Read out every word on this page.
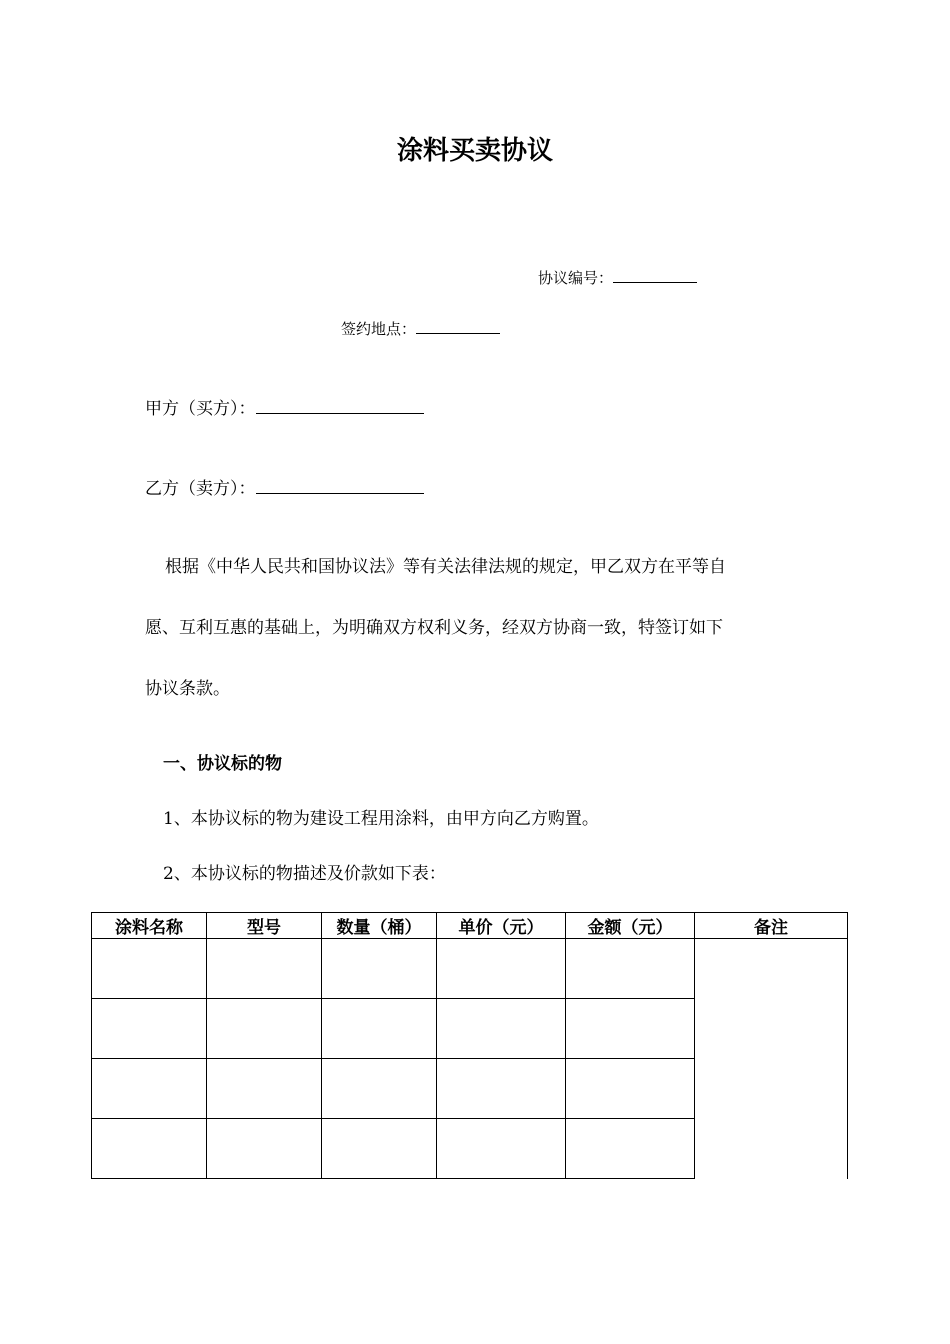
涂料买卖协议
协议编号：
签约地点：
甲方（买方）：
乙方（卖方）：
根据《中华人民共和国协议法》等有关法律法规的规定，甲乙双方在平等自
愿、互利互惠的基础上，为明确双方权利义务，经双方协商一致，特签订如下
协议条款。
一、协议标的物
1、本协议标的物为建设工程用涂料，由甲方向乙方购置。
2、本协议标的物描述及价款如下表：
涂料名称	型号	数量（桶）	单价（元）	金额（元）	备注
